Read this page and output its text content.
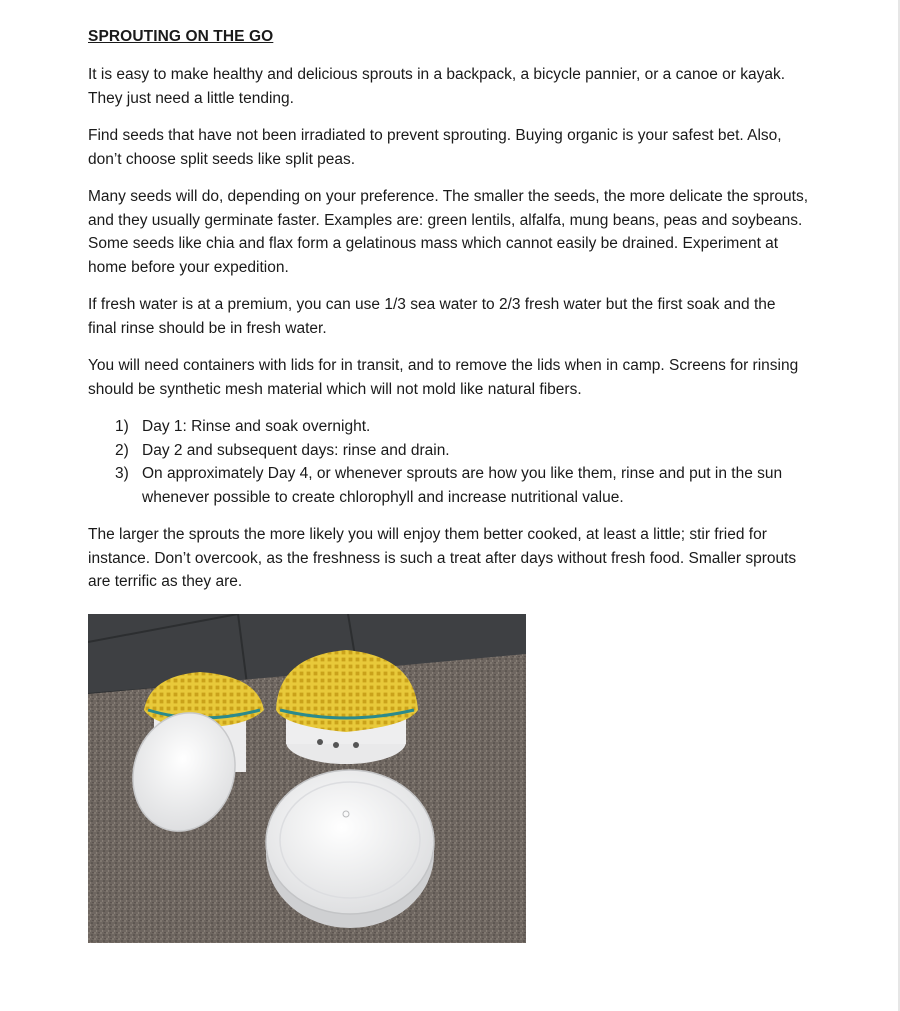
SPROUTING ON THE GO

It is easy to make healthy and delicious sprouts in a backpack, a bicycle pannier, or a canoe or kayak. They just need a little tending.

Find seeds that have not been irradiated to prevent sprouting. Buying organic is your safest bet. Also, don’t choose split seeds like split peas.

Many seeds will do, depending on your preference. The smaller the seeds, the more delicate the sprouts, and they usually germinate faster. Examples are: green lentils, alfalfa, mung beans, peas and soybeans. Some seeds like chia and flax form a gelatinous mass which cannot easily be drained. Experiment at home before your expedition.

If fresh water is at a premium, you can use 1/3 sea water to 2/3 fresh water but the first soak and the final rinse should be in fresh water.

You will need containers with lids for in transit, and to remove the lids when in camp. Screens for rinsing should be synthetic mesh material which will not mold like natural fibers.

1) Day 1: Rinse and soak overnight.
2) Day 2 and subsequent days: rinse and drain.
3) On approximately Day 4, or whenever sprouts are how you like them, rinse and put in the sun whenever possible to create chlorophyll and increase nutritional value.

The larger the sprouts the more likely you will enjoy them better cooked, at least a little; stir fried for instance. Don’t overcook, as the freshness is such a treat after days without fresh food. Smaller sprouts are terrific as they are.
